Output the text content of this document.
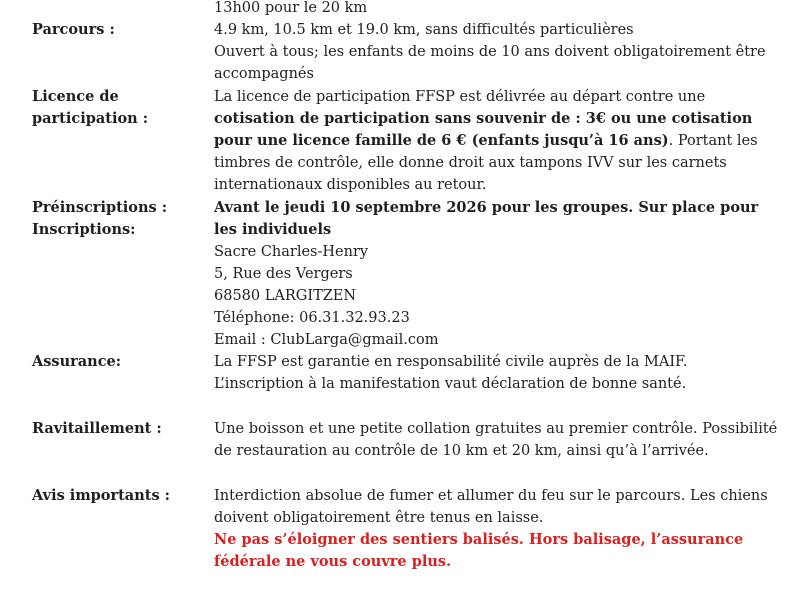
13h00 pour le 20 km

Parcours :	4.9 km, 10.5 km et 19.0 km, sans difficultés particulières

Ouvert à tous; les enfants de moins de 10 ans doivent obligatoirement être accompagnés

Licence de participation :

La licence de participation FFSP est délivrée au départ contre une cotisation de participation sans souvenir de : 3€ ou une cotisation pour une licence famille de 6 € (enfants jusqu’à 16 ans). Portant les timbres de contrôle, elle donne droit aux tampons IVV sur les carnets internationaux disponibles au retour.

Préinscriptions :
Inscriptions:

Avant le jeudi 10 septembre 2026 pour les groupes. Sur place pour les individuels

Sacre Charles-Henry

5, Rue des Vergers

68580 LARGITZEN

Téléphone: 06.31.32.93.23

Email : ClubLarga@gmail.com

Assurance:	La FFSP est garantie en responsabilité civile auprès de la MAIF.

L’inscription à la manifestation vaut déclaration de bonne santé.

Ravitaillement :	Une boisson et une petite collation gratuites au premier contrôle. Possibilité de restauration au contrôle de 10 km et 20 km, ainsi qu’à l’arrivée.

Avis importants :	Interdiction absolue de fumer et allumer du feu sur le parcours. Les chiens doivent obligatoirement être tenus en laisse.

Ne pas s’éloigner des sentiers balisés. Hors balisage, l’assurance fédérale ne vous couvre plus.
